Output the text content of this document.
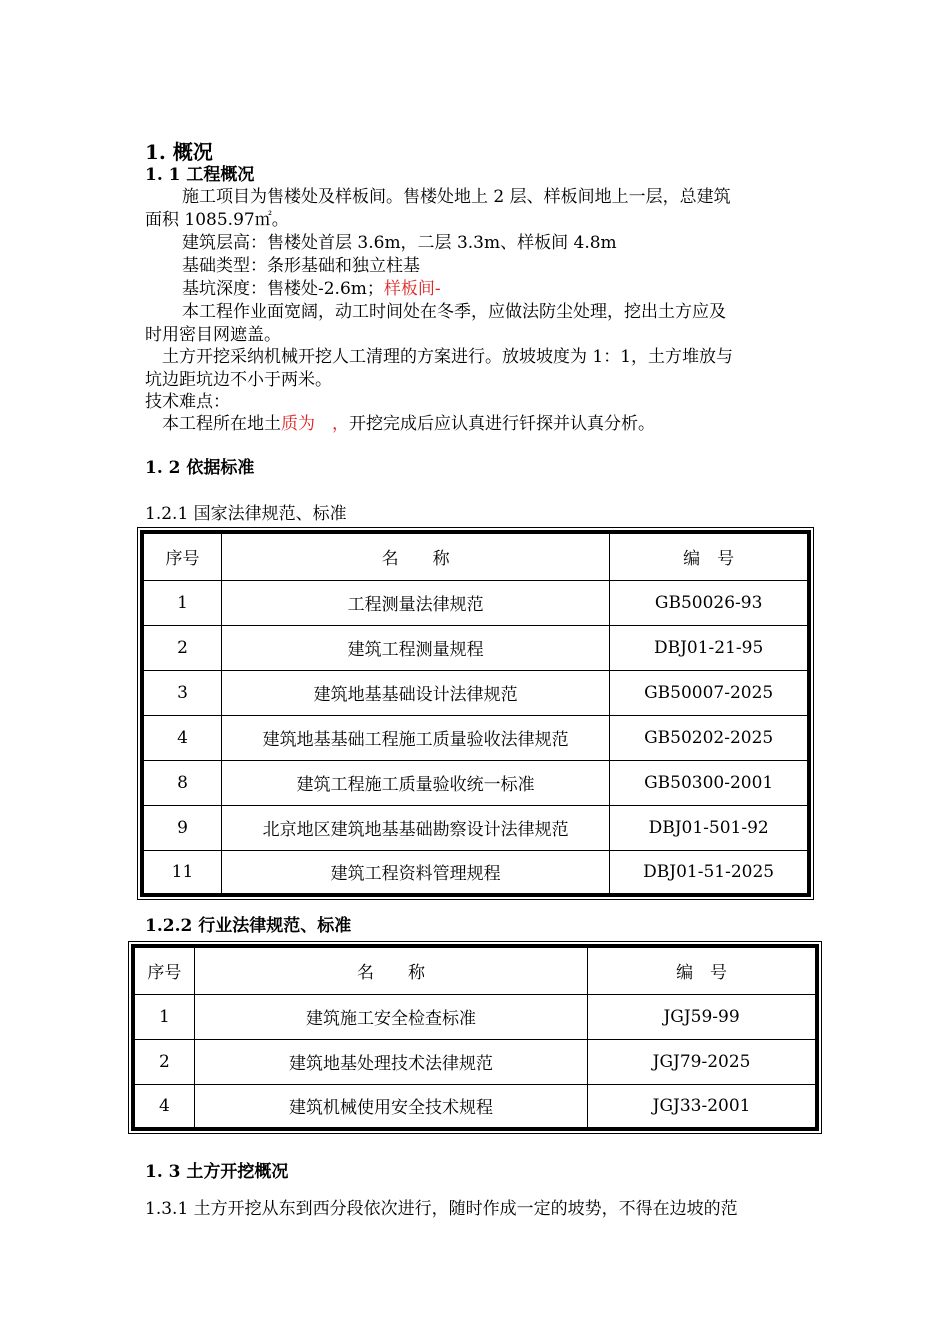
1. 概况
1. 1 工程概况
施工项目为售楼处及样板间。售楼处地上 2 层、样板间地上一层，总建筑
面积 1085.97㎡。
建筑层高：售楼处首层 3.6m，二层 3.3m、样板间 4.8m
基础类型：条形基础和独立柱基
基坑深度：售楼处-2.6m；样板间-
本工程作业面宽阔，动工时间处在冬季，应做法防尘处理，挖出土方应及
时用密目网遮盖。
土方开挖采纳机械开挖人工清理的方案进行。放坡坡度为 1：1，土方堆放与
坑边距坑边不小于两米。
技术难点：
本工程所在地土质为　，开挖完成后应认真进行钎探并认真分析。
1. 2 依据标准
1.2.1 国家法律规范、标准
序号	名　　称	编　号
1	工程测量法律规范	GB50026-93
2	建筑工程测量规程	DBJ01-21-95
3	建筑地基基础设计法律规范	GB50007-2025
4	建筑地基基础工程施工质量验收法律规范	GB50202-2025
8	建筑工程施工质量验收统一标准	GB50300-2001
9	北京地区建筑地基基础勘察设计法律规范	DBJ01-501-92
11	建筑工程资料管理规程	DBJ01-51-2025
1.2.2 行业法律规范、标准
序号	名　　称	编　号
1	建筑施工安全检查标准	JGJ59-99
2	建筑地基处理技术法律规范	JGJ79-2025
4	建筑机械使用安全技术规程	JGJ33-2001
1. 3 土方开挖概况
1.3.1 土方开挖从东到西分段依次进行，随时作成一定的坡势，不得在边坡的范
